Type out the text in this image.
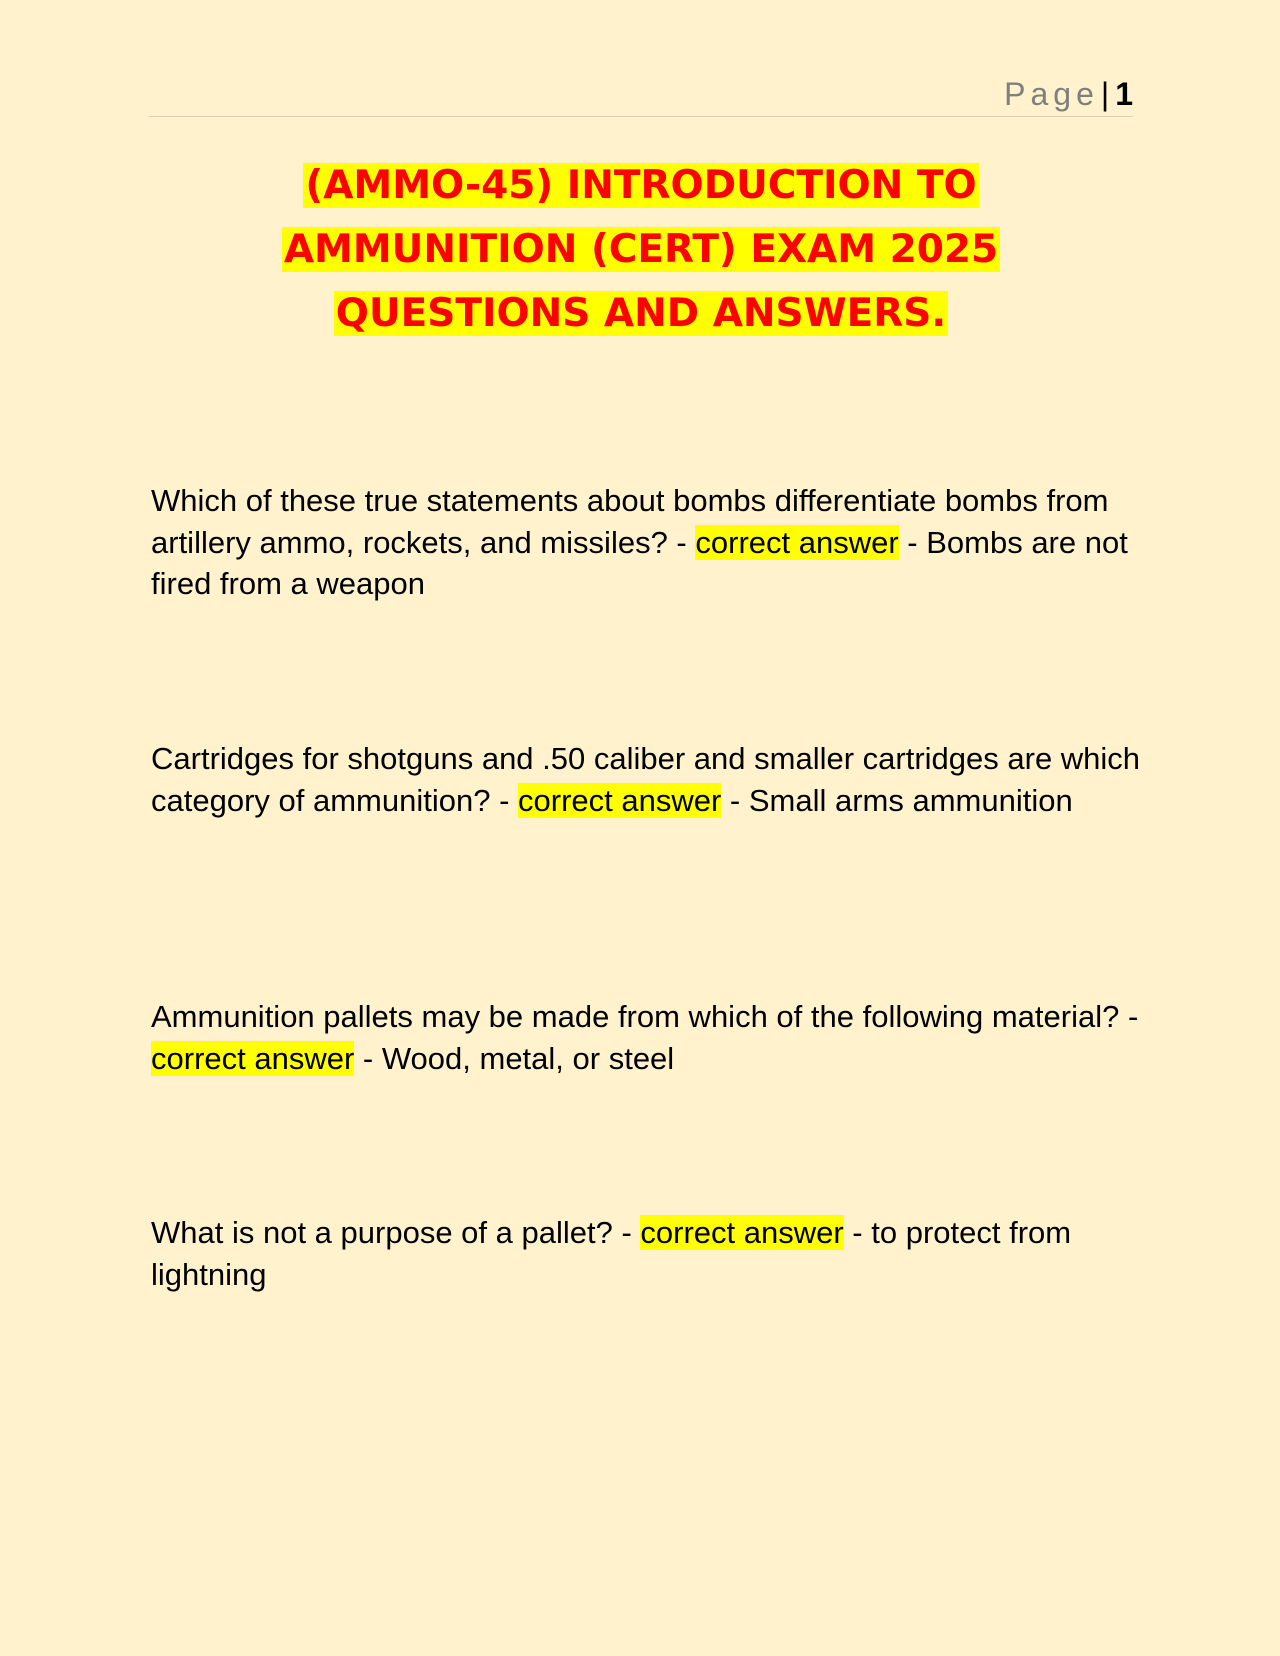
Page| 1
(AMMO-45) INTRODUCTION TO
AMMUNITION (CERT) EXAM 2025
QUESTIONS AND ANSWERS.

Which of these true statements about bombs differentiate bombs from artillery ammo, rockets, and missiles? - correct answer - Bombs are not fired from a weapon

Cartridges for shotguns and .50 caliber and smaller cartridges are which category of ammunition? - correct answer - Small arms ammunition

Ammunition pallets may be made from which of the following material? - correct answer - Wood, metal, or steel

What is not a purpose of a pallet? - correct answer - to protect from lightning
